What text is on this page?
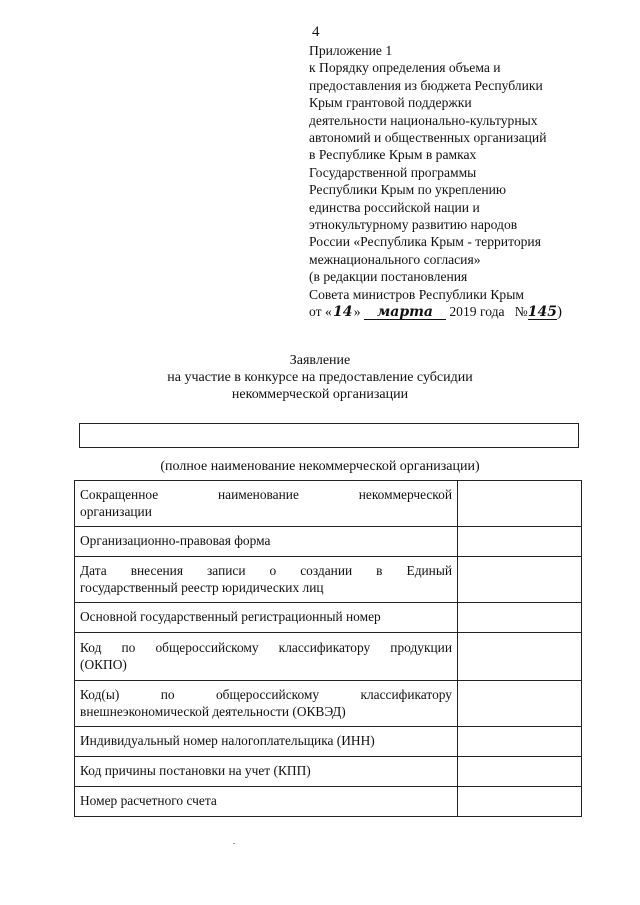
4
Приложение 1
к Порядку определения объема и
предоставления из бюджета Республики
Крым грантовой поддержки
деятельности национально-культурных
автономий и общественных организаций
в Республике Крым в рамках
Государственной программы
Республики Крым по укреплению
единства российской нации и
этнокультурному развитию народов
России «Республика Крым - территория
межнационального согласия»
(в редакции постановления
Совета министров Республики Крым
от «14» марта 2019 года №145)
Заявление
на участие в конкурсе на предоставление субсидии
некоммерческой организации
(полное наименование некоммерческой организации)
Сокращенное наименование некоммерческой
организации	
Организационно-правовая форма	

Дата внесения записи о создании в Единый
государственный реестр юридических лиц	
Основной государственный регистрационный номер	

Код по общероссийскому классификатору продукции
(ОКПО)	

Код(ы) по общероссийскому классификатору
внешнеэкономической деятельности (ОКВЭД)	
Индивидуальный номер налогоплательщика (ИНН)	
Код причины постановки на учет (КПП)	
Номер расчетного счета	
